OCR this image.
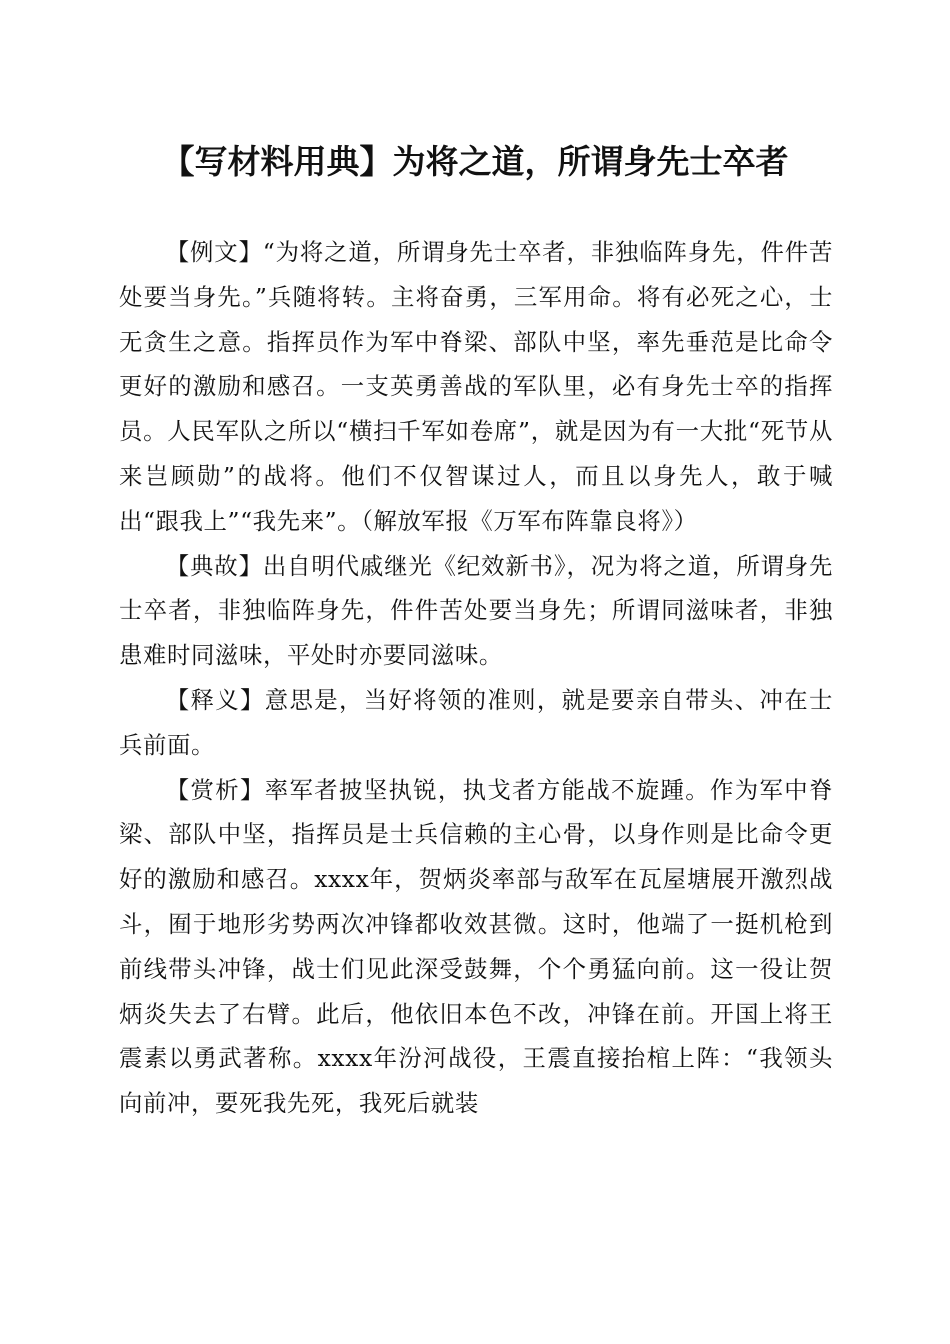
【写材料用典】为将之道，所谓身先士卒者

【例文】“为将之道，所谓身先士卒者，非独临阵身先，件件苦处要当身先。”兵随将转。主将奋勇，三军用命。将有必死之心，士无贪生之意。指挥员作为军中脊梁、部队中坚，率先垂范是比命令更好的激励和感召。一支英勇善战的军队里，必有身先士卒的指挥员。人民军队之所以“横扫千军如卷席”，就是因为有一大批“死节从来岂顾勋”的战将。他们不仅智谋过人，而且以身先人，敢于喊出“跟我上”“我先来”。（解放军报《万军布阵靠良将》）

【典故】出自明代戚继光《纪效新书》，况为将之道，所谓身先士卒者，非独临阵身先，件件苦处要当身先；所谓同滋味者，非独患难时同滋味，平处时亦要同滋味。

【释义】意思是，当好将领的准则，就是要亲自带头、冲在士兵前面。

【赏析】率军者披坚执锐，执戈者方能战不旋踵。作为军中脊梁、部队中坚，指挥员是士兵信赖的主心骨，以身作则是比命令更好的激励和感召。xxxx年，贺炳炎率部与敌军在瓦屋塘展开激烈战斗，囿于地形劣势两次冲锋都收效甚微。这时，他端了一挺机枪到前线带头冲锋，战士们见此深受鼓舞，个个勇猛向前。这一役让贺炳炎失去了右臂。此后，他依旧本色不改，冲锋在前。开国上将王震素以勇武著称。xxxx年汾河战役，王震直接抬棺上阵：“我领头向前冲，要死我先死，我死后就装
